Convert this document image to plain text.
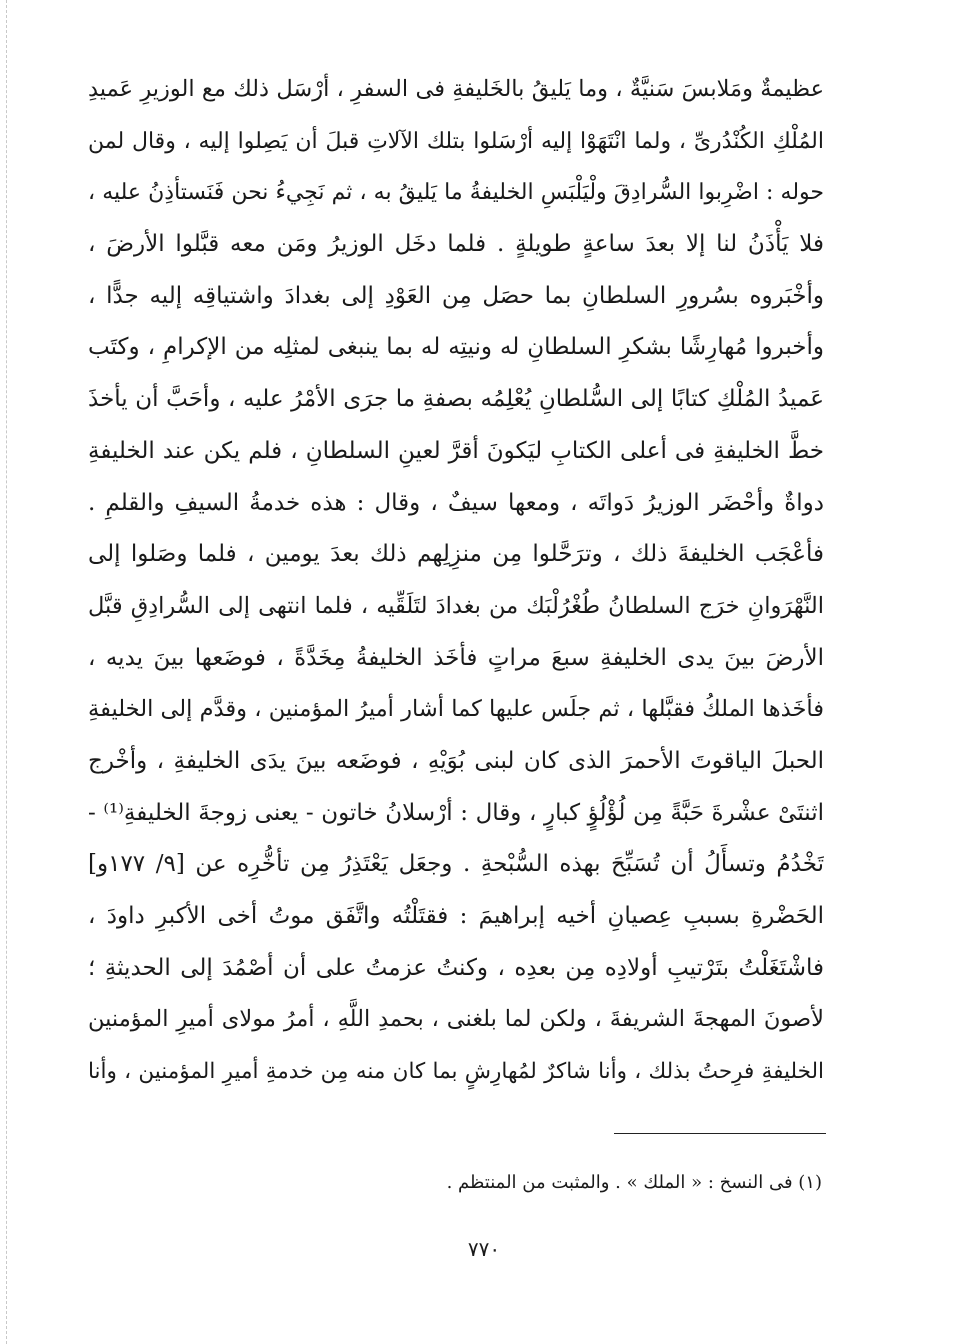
عظيمةٌ ومَلابسَ سَنيَّةٌ ، وما يَليقُ بالخَليفةِ فى السفرِ ، أرْسَل ذلك مع الوزيرِ عَميدِ
المُلْكِ الكُنْدُرىِّ ، ولما انْتَهَوْا إليه أرْسَلوا بتلك الآلاتِ قبلَ أن يَصِلوا إليه ، وقال لمن
حوله : اضْرِبوا السُّرادِقَ ولْيَلْبَسِ الخليفةُ ما يَليقُ به ، ثم نَجِيءُ نحن فَنَستأذِنُ عليه ،
فلا يَأْذَنُ لنا إلا بعدَ ساعةٍ طويلةٍ . فلما دخَل الوزيرُ ومَن معه قبَّلوا الأرضَ ،
وأخْبَروه بسُرورِ السلطانِ بما حصَل مِن العَوْدِ إلى بغدادَ واشتياقِه إليه جدًّا ،
وأخبروا مُهارِشًا بشكرِ السلطانِ له ونيتِه له بما ينبغى لمثلِه من الإكرامِ ، وكتَب
عَميدُ المُلْكِ كتابًا إلى السُّلطانِ يُعْلِمُه بصفةِ ما جرَى الأمْرُ عليه ، وأحَبَّ أن يأخذَ
خطَّ الخليفةِ فى أعلى الكتابِ ليَكونَ أقرَّ لعينِ السلطانِ ، فلم يكن عند الخليفةِ
دواةٌ وأحْضَر الوزيرُ دَواتَه ، ومعها سيفٌ ، وقال : هذه خدمةُ السيفِ والقلمِ .
فأعْجَب الخليفةَ ذلك ، وترَحَّلوا مِن منزِلِهم ذلك بعدَ يومين ، فلما وصَلوا إلى
النَّهْرَوانِ خرَج السلطانُ طُغْرُلْبَك من بغدادَ لتَلَقِّيه ، فلما انتهى إلى السُّرادِقِ قبَّل
الأرضَ بينَ يدى الخليفةِ سبعَ مراتٍ فأخَذ الخليفةُ مِخَدَّةً ، فوضَعها بينَ يديه ،
فأخَذها الملكُ فقبَّلها ، ثم جلَس عليها كما أشار أميرُ المؤمنين ، وقدَّم إلى الخليفةِ
الحبلَ الياقوتَ الأحمرَ الذى كان لبنى بُوَيْهِ ، فوضَعه بينَ يدَى الخليفةِ ، وأخْرج
اثنتَىْ عشْرةَ حَبَّةً مِن لُؤْلُؤٍ كبارٍ ، وقال : أرْسلانُ خاتون - يعنى زوجةَ الخليفةِ⁽¹⁾ -
تَخْدُمُ وتسأَلُ أن تُسَبِّحَ بهذه السُّبْحةِ . وجعَل يَعْتَذِرُ مِن تأخُّرِه عن [٩/ ١٧٧و]
الحَضْرةِ بسببِ عِصيانِ أخيه إبراهيمَ : فقتَلْتُه واتَّفَق موتُ أخى الأكبرِ داودَ ،
فاشْتَغَلْتُ بتَرْتيبِ أولادِه مِن بعدِه ، وكنتُ عزمتُ على أن أصْمُدَ إلى الحديثةِ ؛
لأصونَ المهجةَ الشريفةَ ، ولكن لما بلغنى ، بحمدِ اللَّهِ ، أمرُ مولاى أميرِ المؤمنين
الخليفةِ فرِحتُ بذلك ، وأنا شاكرٌ لمُهارِشٍ بما كان منه مِن خدمةِ أميرِ المؤمنين ، وأنا
(١) فى النسخ : « الملك » . والمثبت من المنتظم .
٧٧٠
